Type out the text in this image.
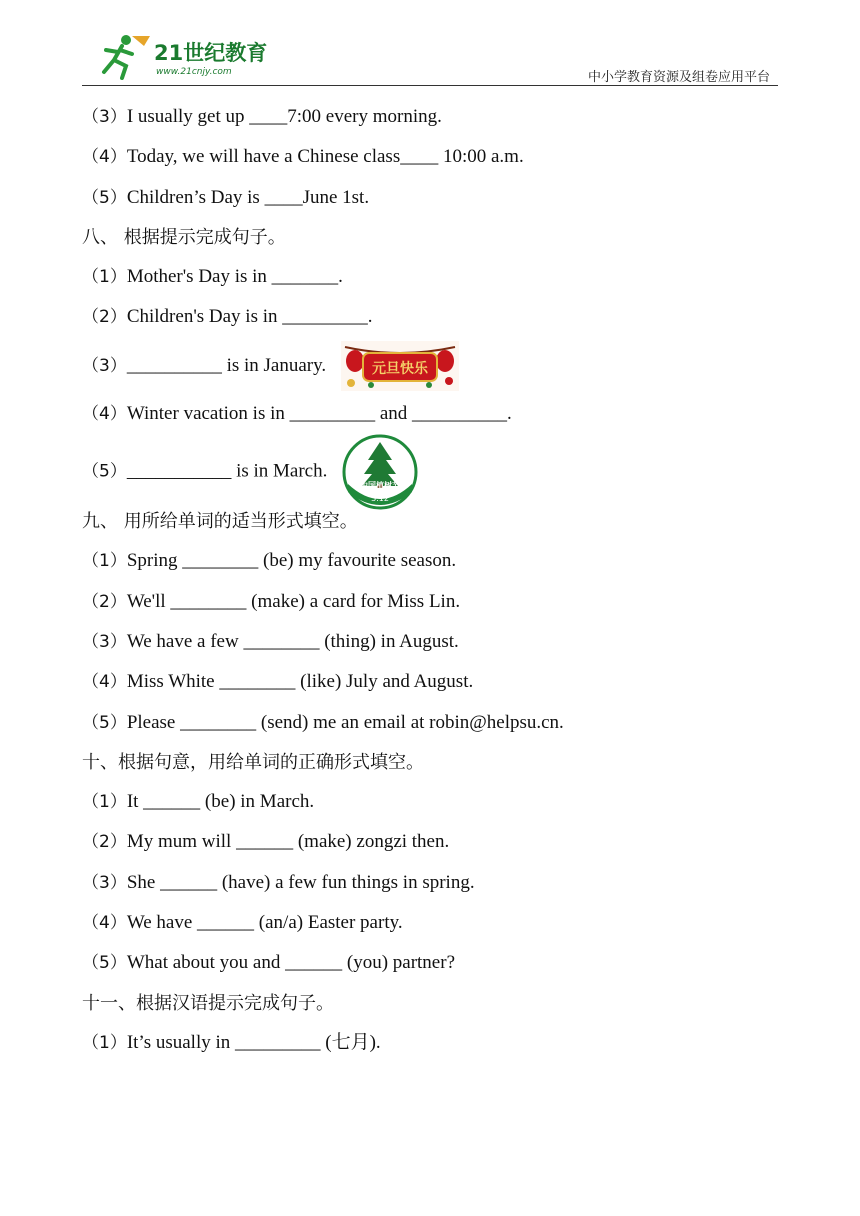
21世纪教育
www.21cnjy.com	中小学教育资源及组卷应用平台
（3）I usually get up ____7:00 every morning.
（4）Today, we will have a Chinese class____ 10:00 a.m.
（5）Children’s Day is ____June 1st.
八、 根据提示完成句子。
（1）Mother's Day is in _______.
（2）Children's Day is in _________.
（3）__________ is in January.	元旦快乐
（4）Winter vacation is in _________ and __________.
（5）___________ is in March.
中国植树节
3.12
九、 用所给单词的适当形式填空。
（1）Spring ________ (be) my favourite season.
（2）We'll ________ (make) a card for Miss Lin.
（3）We have a few ________ (thing) in August.
（4）Miss White ________ (like) July and August.
（5）Please ________ (send) me an email at robin@helpsu.cn.
十、根据句意，用给单词的正确形式填空。
（1）It ______ (be) in March.
（2）My mum will ______ (make) zongzi then.
（3）She ______ (have) a few fun things in spring.
（4）We have ______ (an/a) Easter party.
（5）What about you and ______ (you) partner?
十一、根据汉语提示完成句子。
（1）It’s usually in _________ (七月).
